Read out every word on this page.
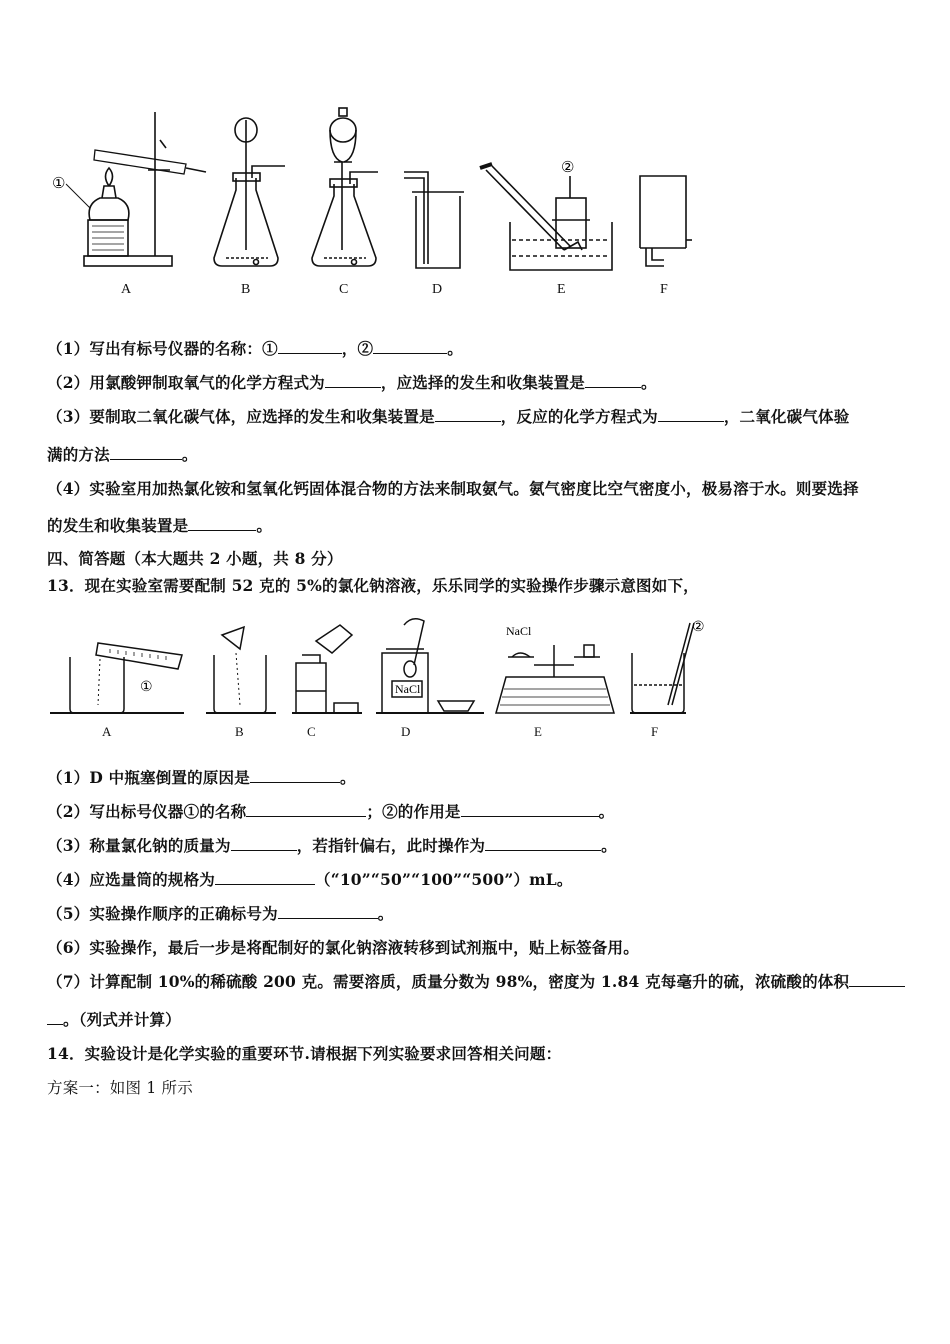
①
②
A	B	C	D	E	F
（1）写出有标号仪器的名称：①	，②	。
（2）用氯酸钾制取氧气的化学方程式为	，应选择的发生和收集装置是	。
（3）要制取二氧化碳气体，应选择的发生和收集装置是	，反应的化学方程式为	，二氧化碳气体验
满的方法	。
（4）实验室用加热氯化铵和氢氧化钙固体混合物的方法来制取氨气。氨气密度比空气密度小，极易溶于水。则要选择
的发生和收集装置是	。
四、简答题（本大题共 2 小题，共 8 分）
13．现在实验室需要配制 52 克的 5%的氯化钠溶液，乐乐同学的实验操作步骤示意图如下，
NaCl
NaCl
①
②
A	B	C	D	E	F
（1）D 中瓶塞倒置的原因是	。
（2）写出标号仪器①的名称	；②的作用是	。
（3）称量氯化钠的质量为	，若指针偏右，此时操作为	。
（4）应选量筒的规格为	（“10”“50”“100”“500”）mL。
（5）实验操作顺序的正确标号为	。
（6）实验操作，最后一步是将配制好的氯化钠溶液转移到试剂瓶中，贴上标签备用。
（7）计算配制 10%的稀硫酸 200 克。需要溶质，质量分数为 98%，密度为 1.84 克每毫升的硫，浓硫酸的体积
。（列式并计算）
14．实验设计是化学实验的重要环节.请根据下列实验要求回答相关问题：
方案一：如图 1 所示
